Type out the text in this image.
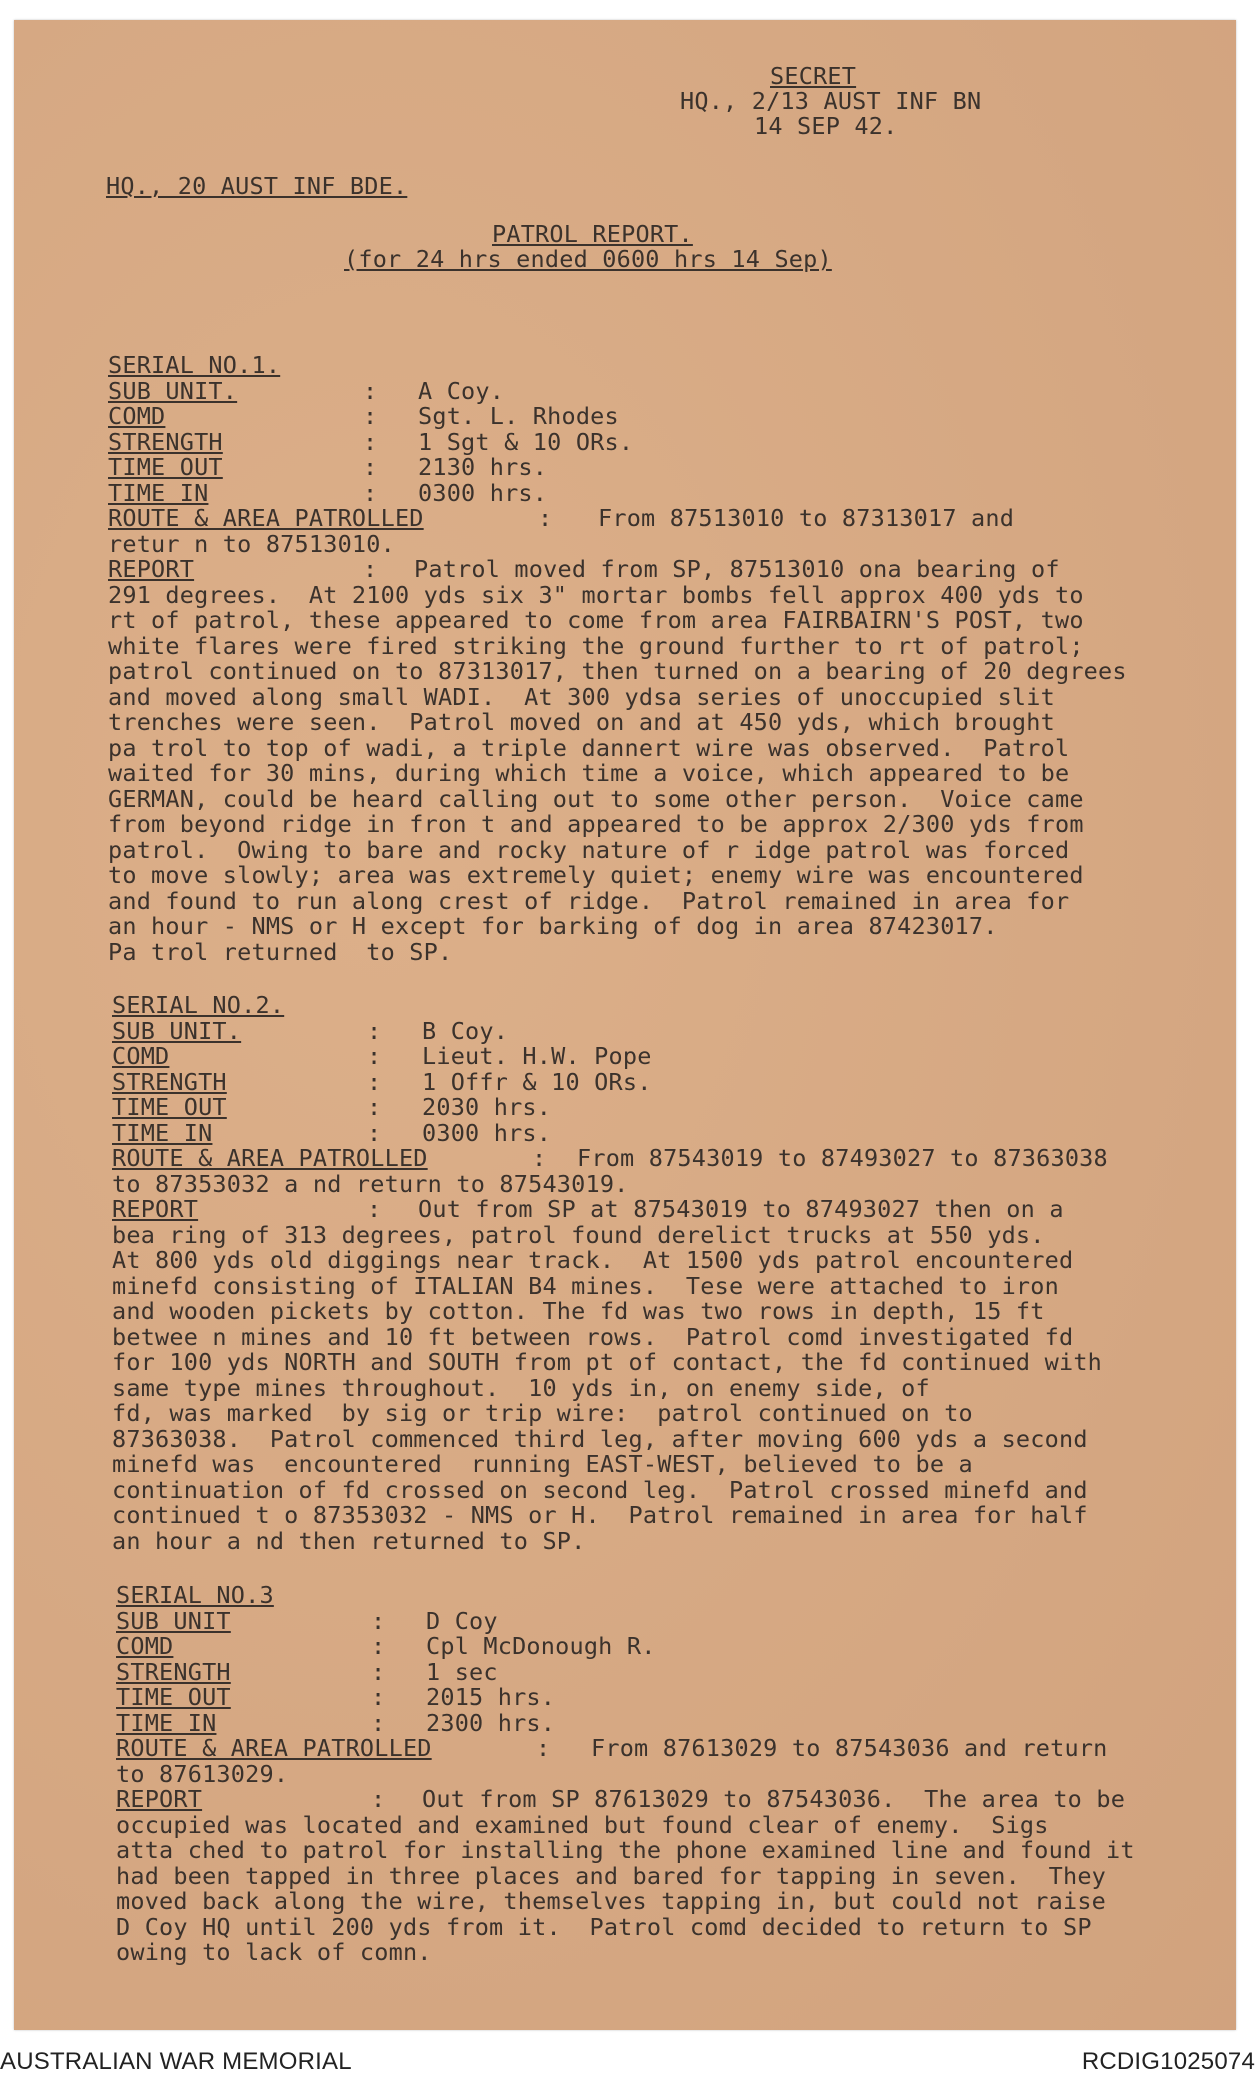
SECRET
HQ., 2/13 AUST INF BN
14 SEP 42.
HQ., 20 AUST INF BDE.
PATROL REPORT.
(for 24 hrs ended 0600 hrs 14 Sep)

SERIAL NO.1.
SUB UNIT.	: A Coy.
COMD	: Sgt. L. Rhodes
STRENGTH	: 1 Sgt & 10 ORs.
TIME OUT	: 2130 hrs.
TIME IN	: 0300 hrs.
ROUTE & AREA PATROLLED	: From 87513010 to 87313017 and
retur n to 87513010.
REPORT	: Patrol moved from SP, 87513010 ona bearing of
291 degrees.  At 2100 yds six 3" mortar bombs fell approx 400 yds to
rt of patrol, these appeared to come from area FAIRBAIRN'S POST, two
white flares were fired striking the ground further to rt of patrol;
patrol continued on to 87313017, then turned on a bearing of 20 degrees
and moved along small WADI.  At 300 ydsa series of unoccupied slit
trenches were seen.  Patrol moved on and at 450 yds, which brought
pa trol to top of wadi, a triple dannert wire was observed.  Patrol
waited for 30 mins, during which time a voice, which appeared to be
GERMAN, could be heard calling out to some other person.  Voice came
from beyond ridge in fron t and appeared to be approx 2/300 yds from
patrol.  Owing to bare and rocky nature of r idge patrol was forced
to move slowly; area was extremely quiet; enemy wire was encountered
and found to run along crest of ridge.  Patrol remained in area for
an hour - NMS or H except for barking of dog in area 87423017.
Pa trol returned  to SP.

SERIAL NO.2.
SUB UNIT.	: B Coy.
COMD	: Lieut. H.W. Pope
STRENGTH	: 1 Offr & 10 ORs.
TIME OUT	: 2030 hrs.
TIME IN	: 0300 hrs.
ROUTE & AREA PATROLLED	: From 87543019 to 87493027 to 87363038
to 87353032 a nd return to 87543019.
REPORT	: Out from SP at 87543019 to 87493027 then on a
bea ring of 313 degrees, patrol found derelict trucks at 550 yds.
At 800 yds old diggings near track.  At 1500 yds patrol encountered
minefd consisting of ITALIAN B4 mines.  Tese were attached to iron
and wooden pickets by cotton. The fd was two rows in depth, 15 ft
betwee n mines and 10 ft between rows.  Patrol comd investigated fd
for 100 yds NORTH and SOUTH from pt of contact, the fd continued with
same type mines throughout.  10 yds in, on enemy side, of
fd, was marked  by sig or trip wire:  patrol continued on to
87363038.  Patrol commenced third leg, after moving 600 yds a second
minefd was  encountered  running EAST-WEST, believed to be a
continuation of fd crossed on second leg.  Patrol crossed minefd and
continued t o 87353032 - NMS or H.  Patrol remained in area for half
an hour a nd then returned to SP.

SERIAL NO.3
SUB UNIT	: D Coy
COMD	: Cpl McDonough R.
STRENGTH	: 1 sec
TIME OUT	: 2015 hrs.
TIME IN	: 2300 hrs.
ROUTE & AREA PATROLLED	: From 87613029 to 87543036 and return
to 87613029.
REPORT	: Out from SP 87613029 to 87543036.  The area to be
occupied was located and examined but found clear of enemy.  Sigs
atta ched to patrol for installing the phone examined line and found it
had been tapped in three places and bared for tapping in seven.  They
moved back along the wire, themselves tapping in, but could not raise
D Coy HQ until 200 yds from it.  Patrol comd decided to return to SP
owing to lack of comn.

AUSTRALIAN WAR MEMORIAL	RCDIG1025074
